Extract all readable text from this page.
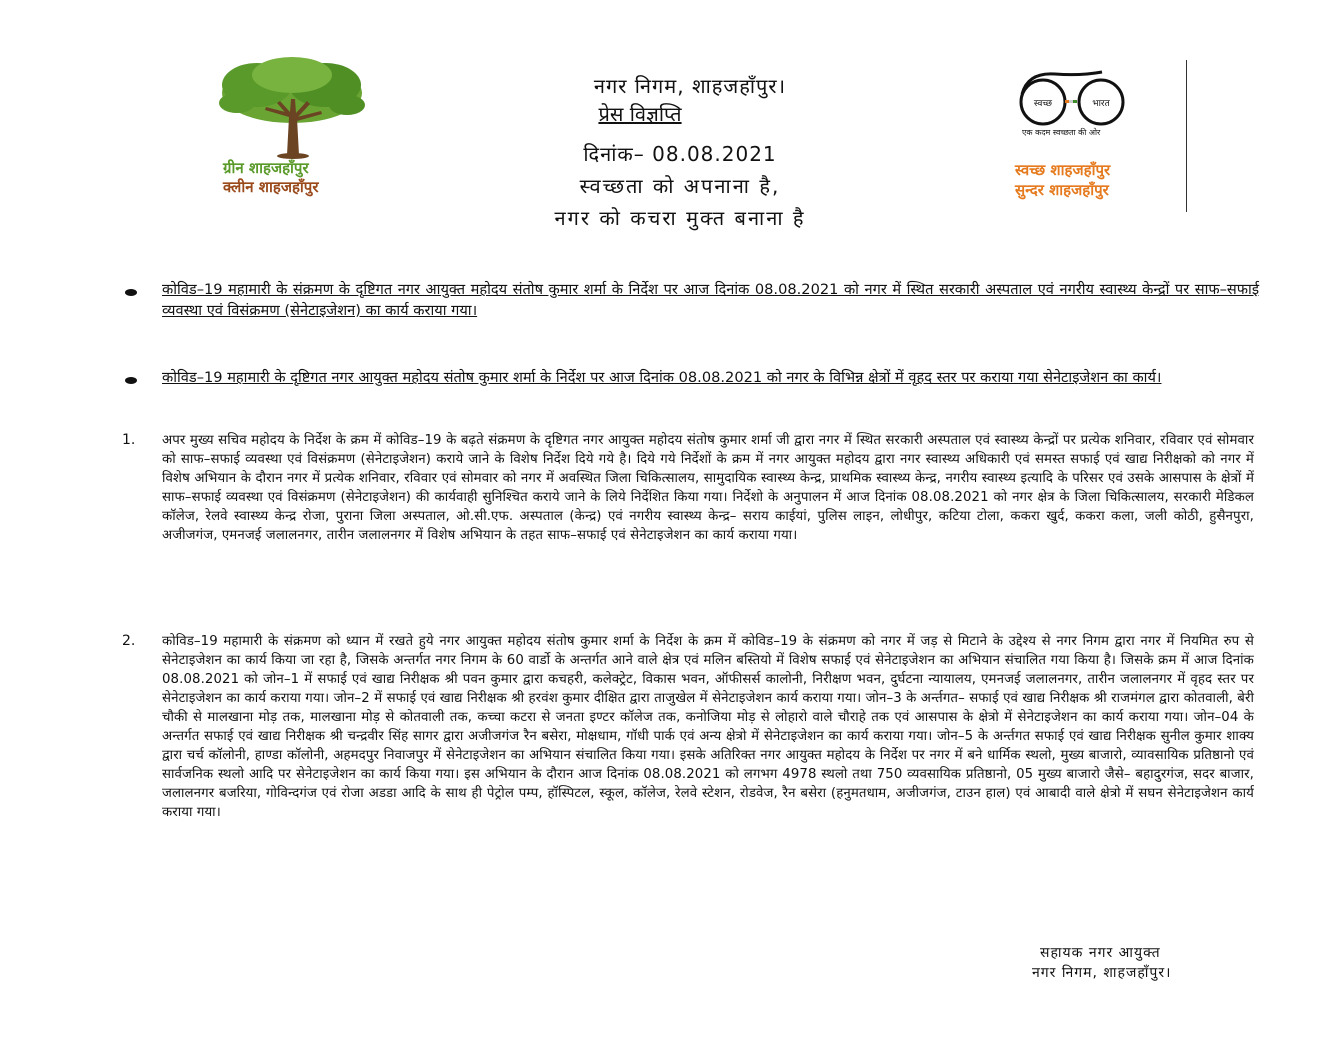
ग्रीन शाहजहाँपुर
क्लीन शाहजहाँपुर
नगर निगम, शाहजहाँपुर।
प्रेस विज्ञप्ति
दिनांक– 08.08.2021
स्वच्छता को अपनाना है,
नगर को कचरा मुक्त बनाना है
स्वच्छ	भारत
एक कदम स्वच्छता की ओर
स्वच्छ शाहजहाँपुर
सुन्दर शाहजहाँपुर
कोविड–19 महामारी के संक्रमण के दृष्टिगत नगर आयुक्त महोदय संतोष कुमार शर्मा के निर्देश पर आज दिनांक 08.08.2021 को नगर में स्थित सरकारी अस्पताल एवं नगरीय स्वास्थ्य केन्द्रों पर साफ–सफाई व्यवस्था एवं विसंक्रमण (सेनेटाइजेशन) का कार्य कराया गया।
कोविड–19 महामारी के दृष्टिगत नगर आयुक्त महोदय संतोष कुमार शर्मा के निर्देश पर आज दिनांक 08.08.2021 को नगर के विभिन्न क्षेत्रों में वृहद स्तर पर कराया गया सेनेटाइजेशन का कार्य।
1. अपर मुख्य सचिव महोदय के निर्देश के क्रम में कोविड–19 के बढ़ते संक्रमण के दृष्टिगत नगर आयुक्त महोदय संतोष कुमार शर्मा जी द्वारा नगर में स्थित सरकारी अस्पताल एवं स्वास्थ्य केन्द्रों पर प्रत्येक शनिवार, रविवार एवं सोमवार को साफ–सफाई व्यवस्था एवं विसंक्रमण (सेनेटाइजेशन) कराये जाने के विशेष निर्देश दिये गये है। दिये गये निर्देशों के क्रम में नगर आयुक्त महोदय द्वारा नगर स्वास्थ्य अधिकारी एवं समस्त सफाई एवं खाद्य निरीक्षको को नगर में विशेष अभियान के दौरान नगर में प्रत्येक शनिवार, रविवार एवं सोमवार को नगर में अवस्थित जिला चिकित्सालय, सामुदायिक स्वास्थ्य केन्द्र, प्राथमिक स्वास्थ्य केन्द्र, नगरीय स्वास्थ्य इत्यादि के परिसर एवं उसके आसपास के क्षेत्रों में साफ–सफाई व्यवस्था एवं विसंक्रमण (सेनेटाइजेशन) की कार्यवाही सुनिश्चित कराये जाने के लिये निर्देशित किया गया। निर्देशो के अनुपालन में आज दिनांक 08.08.2021 को नगर क्षेत्र के जिला चिकित्सालय, सरकारी मेडिकल कॉलेज, रेलवे स्वास्थ्य केन्द्र रोजा, पुराना जिला अस्पताल, ओ.सी.एफ. अस्पताल (केन्द्र) एवं नगरीय स्वास्थ्य केन्द्र– सराय काईयां, पुलिस लाइन, लोधीपुर, कटिया टोला, ककरा खुर्द, ककरा कला, जली कोठी, हुसैनपुरा, अजीजगंज, एमनजई जलालनगर, तारीन जलालनगर में विशेष अभियान के तहत साफ–सफाई एवं सेनेटाइजेशन का कार्य कराया गया।
2. कोविड–19 महामारी के संक्रमण को ध्यान में रखते हुये नगर आयुक्त महोदय संतोष कुमार शर्मा के निर्देश के क्रम में कोविड–19 के संक्रमण को नगर में जड़ से मिटाने के उद्देश्य से नगर निगम द्वारा नगर में नियमित रुप से सेनेटाइजेशन का कार्य किया जा रहा है, जिसके अन्तर्गत नगर निगम के 60 वार्डो के अन्तर्गत आने वाले क्षेत्र एवं मलिन बस्तियो में विशेष सफाई एवं सेनेटाइजेशन का अभियान संचालित गया किया है। जिसके क्रम में आज दिनांक 08.08.2021 को जोन–1 में सफाई एवं खाद्य निरीक्षक श्री पवन कुमार द्वारा कचहरी, कलेक्ट्रेट, विकास भवन, ऑफीसर्स कालोनी, निरीक्षण भवन, दुर्घटना न्यायालय, एमनजई जलालनगर, तारीन जलालनगर में वृहद स्तर पर सेनेटाइजेशन का कार्य कराया गया। जोन–2 में सफाई एवं खाद्य निरीक्षक श्री हरवंश कुमार दीक्षित द्वारा ताजुखेल में सेनेटाइजेशन कार्य कराया गया। जोन–3 के अर्न्तगत– सफाई एवं खाद्य निरीक्षक श्री राजमंगल द्वारा कोतवाली, बेरी चौकी से मालखाना मोड़ तक, मालखाना मोड़ से कोतवाली तक, कच्चा कटरा से जनता इण्टर कॉलेज तक, कनोजिया मोड़ से लोहारो वाले चौराहे तक एवं आसपास के क्षेत्रो में सेनेटाइजेशन का कार्य कराया गया। जोन–04 के अन्तर्गत सफाई एवं खाद्य निरीक्षक श्री चन्द्रवीर सिंह सागर द्वारा अजीजगंज रैन बसेरा, मोक्षधाम, गॉधी पार्क एवं अन्य क्षेत्रो में सेनेटाइजेशन का कार्य कराया गया। जोन–5 के अर्न्तगत सफाई एवं खाद्य निरीक्षक सुनील कुमार शाक्य द्वारा चर्च कॉलोनी, हाण्डा कॉलोनी, अहमदपुर निवाजपुर में सेनेटाइजेशन का अभियान संचालित किया गया। इसके अतिरिक्त नगर आयुक्त महोदय के निर्देश पर नगर में बने धार्मिक स्थलो, मुख्य बाजारो, व्यावसायिक प्रतिष्ठानो एवं सार्वजनिक स्थलो आदि पर सेनेटाइजेशन का कार्य किया गया। इस अभियान के दौरान आज दिनांक 08.08.2021 को लगभग 4978 स्थलो तथा 750 व्यवसायिक प्रतिष्ठानो, 05 मुख्य बाजारो जैसे– बहादुरगंज, सदर बाजार, जलालनगर बजरिया, गोविन्दगंज एवं रोजा अडडा आदि के साथ ही पेट्रोल पम्प, हॉस्पिटल, स्कूल, कॉलेज, रेलवे स्टेशन, रोडवेज, रैन बसेरा (हनुमतधाम, अजीजगंज, टाउन हाल) एवं आबादी वाले क्षेत्रो में सघन सेनेटाइजेशन कार्य कराया गया।
सहायक नगर आयुक्त
नगर निगम, शाहजहाँपुर।
